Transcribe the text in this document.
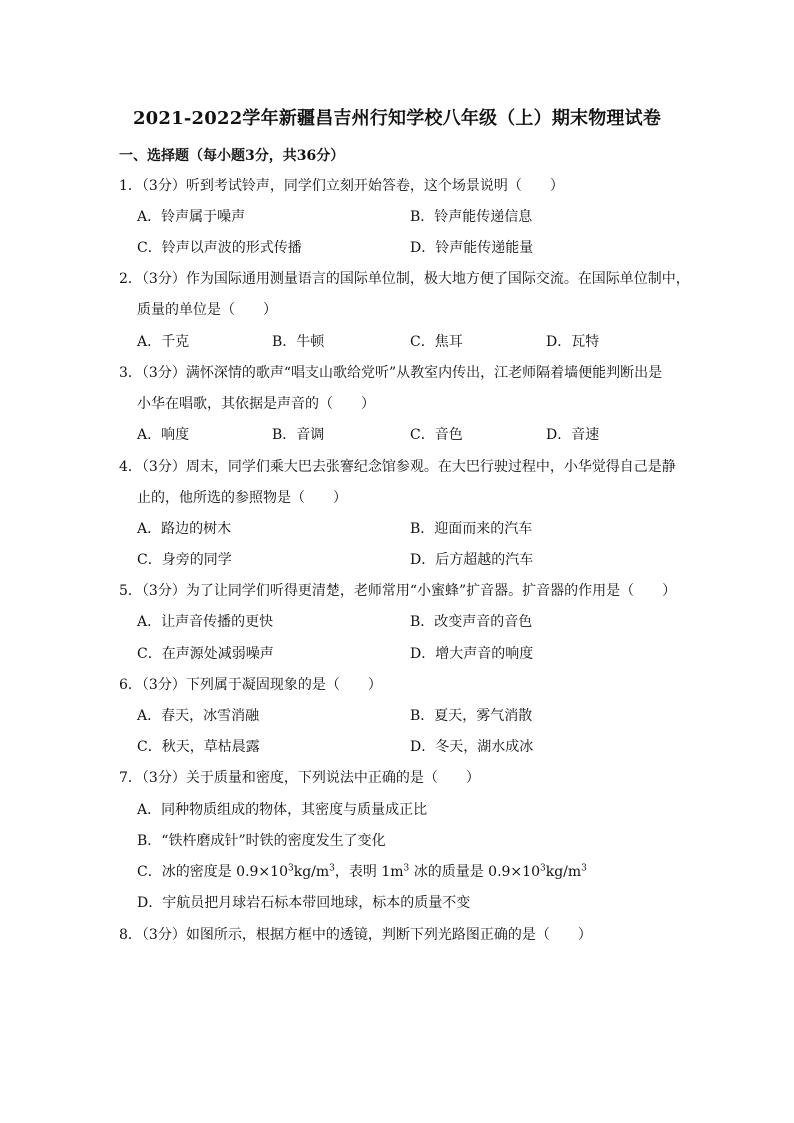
2021-2022学年新疆昌吉州行知学校八年级（上）期末物理试卷
一、选择题（每小题3分，共36分）
1．（3分）听到考试铃声，同学们立刻开始答卷，这个场景说明（　　）
A．铃声属于噪声	B．铃声能传递信息
C．铃声以声波的形式传播	D．铃声能传递能量
2．（3分）作为国际通用测量语言的国际单位制，极大地方便了国际交流。在国际单位制中，
质量的单位是（　　）
A．千克	B．牛顿	C．焦耳	D．瓦特
3．（3分）满怀深情的歌声“唱支山歌给党听”从教室内传出，江老师隔着墙便能判断出是
小华在唱歌，其依据是声音的（　　）
A．响度	B．音调	C．音色	D．音速
4．（3分）周末，同学们乘大巴去张謇纪念馆参观。在大巴行驶过程中，小华觉得自己是静
止的，他所选的参照物是（　　）
A．路边的树木	B．迎面而来的汽车
C．身旁的同学	D．后方超越的汽车
5．（3分）为了让同学们听得更清楚，老师常用“小蜜蜂”扩音器。扩音器的作用是（　　）
A．让声音传播的更快	B．改变声音的音色
C．在声源处减弱噪声	D．增大声音的响度
6．（3分）下列属于凝固现象的是（　　）
A．春天，冰雪消融	B．夏天，雾气消散
C．秋天，草枯晨露	D．冬天，湖水成冰
7．（3分）关于质量和密度，下列说法中正确的是（　　）
A．同种物质组成的物体，其密度与质量成正比
B．“铁杵磨成针”时铁的密度发生了变化
C．冰的密度是 $0.9\times 10^3kg/m^3$，表明 $1m^3$ 冰的质量是 $0.9\times 10^3kg/m^3$
D．宇航员把月球岩石标本带回地球，标本的质量不变
8．（3分）如图所示，根据方框中的透镜，判断下列光路图正确的是（　　）
